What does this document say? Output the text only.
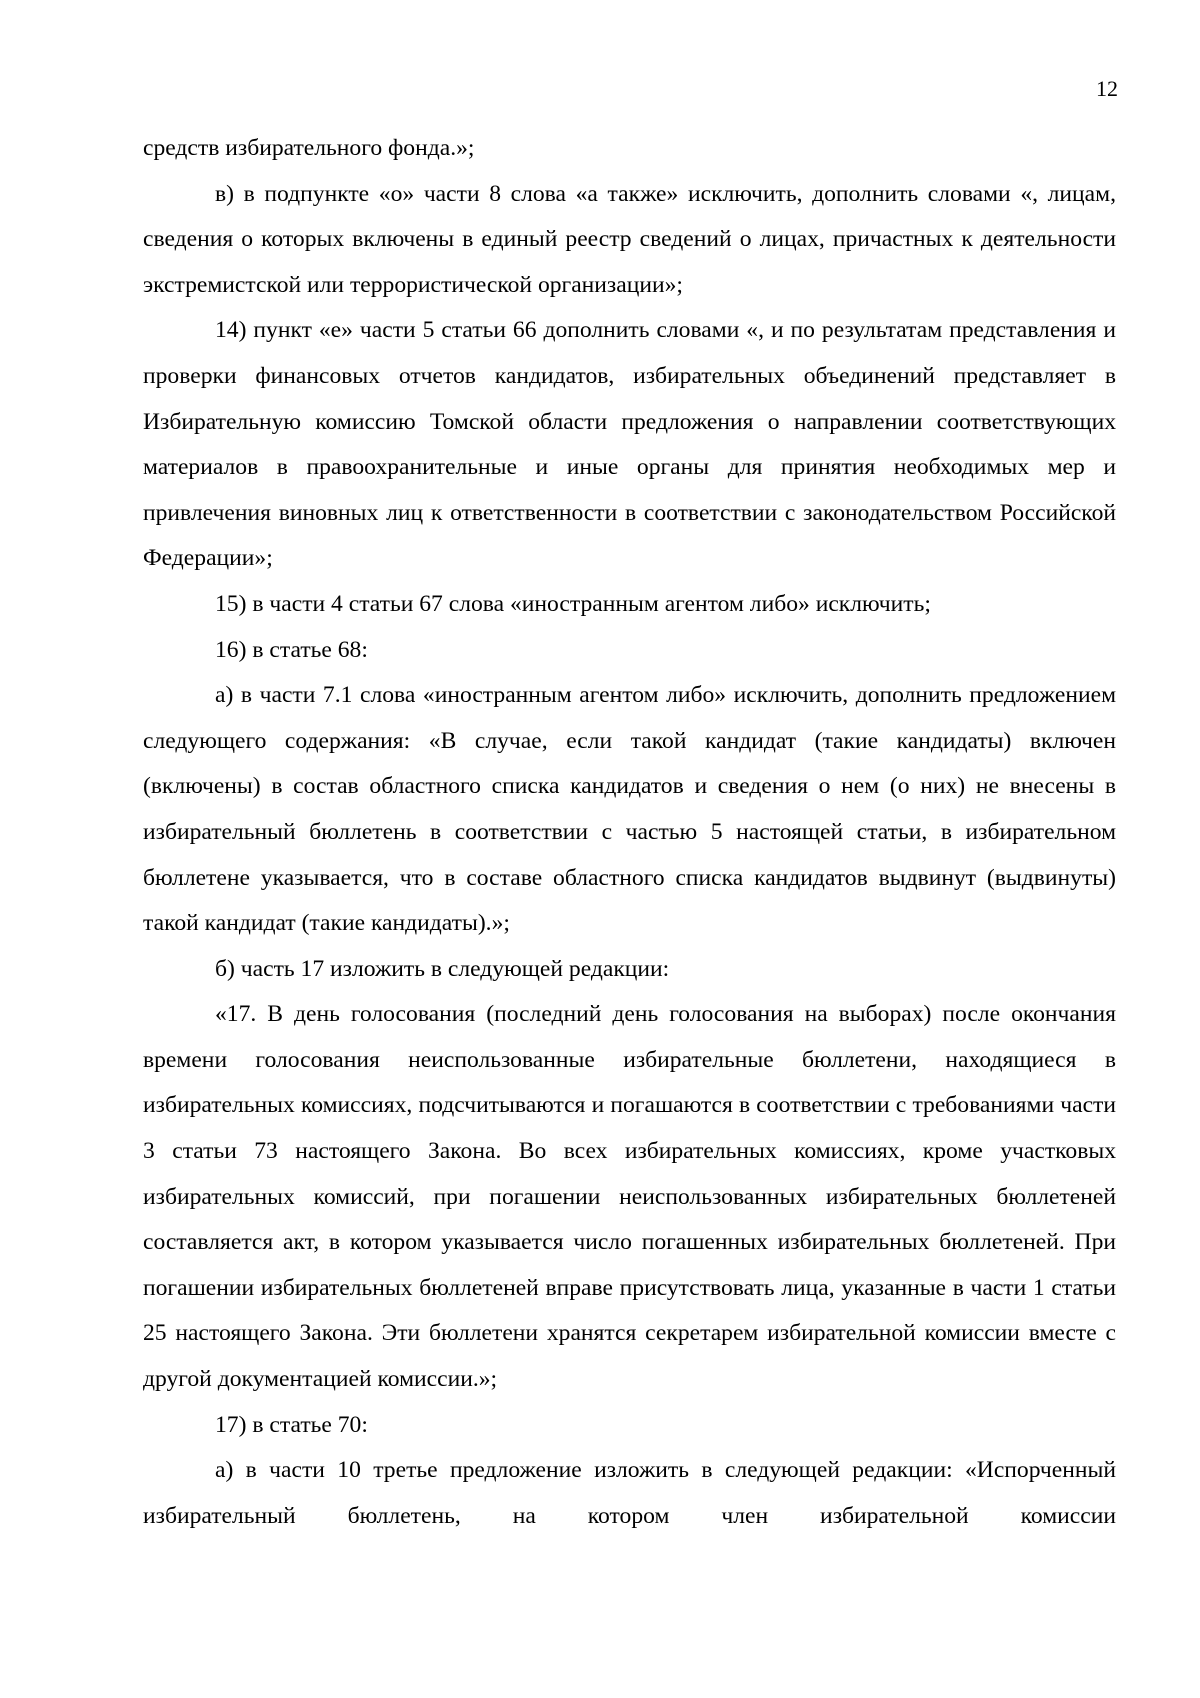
12

средств избирательного фонда.»;

в) в подпункте «о» части 8 слова «а также» исключить, дополнить словами «, лицам, сведения о которых включены в единый реестр сведений о лицах, причастных к деятельности экстремистской или террористической организации»;

14) пункт «е» части 5 статьи 66 дополнить словами «, и по результатам представления и проверки финансовых отчетов кандидатов, избирательных объединений представляет в Избирательную комиссию Томской области предложения о направлении соответствующих материалов в правоохранительные и иные органы для принятия необходимых мер и привлечения виновных лиц к ответственности в соответствии с законодательством Российской Федерации»;

15) в части 4 статьи 67 слова «иностранным агентом либо» исключить;

16) в статье 68:

а) в части 7.1 слова «иностранным агентом либо» исключить, дополнить предложением следующего содержания: «В случае, если такой кандидат (такие кандидаты) включен (включены) в состав областного списка кандидатов и сведения о нем (о них) не внесены в избирательный бюллетень в соответствии с частью 5 настоящей статьи, в избирательном бюллетене указывается, что в составе областного списка кандидатов выдвинут (выдвинуты) такой кандидат (такие кандидаты).»;

б) часть 17 изложить в следующей редакции:

«17. В день голосования (последний день голосования на выборах) после окончания времени голосования неиспользованные избирательные бюллетени, находящиеся в избирательных комиссиях, подсчитываются и погашаются в соответствии с требованиями части 3 статьи 73 настоящего Закона. Во всех избирательных комиссиях, кроме участковых избирательных комиссий, при погашении неиспользованных избирательных бюллетеней составляется акт, в котором указывается число погашенных избирательных бюллетеней. При погашении избирательных бюллетеней вправе присутствовать лица, указанные в части 1 статьи 25 настоящего Закона. Эти бюллетени хранятся секретарем избирательной комиссии вместе с другой документацией комиссии.»;

17) в статье 70:

а) в части 10 третье предложение изложить в следующей редакции: «Испорченный избирательный бюллетень, на котором член избирательной комиссии
